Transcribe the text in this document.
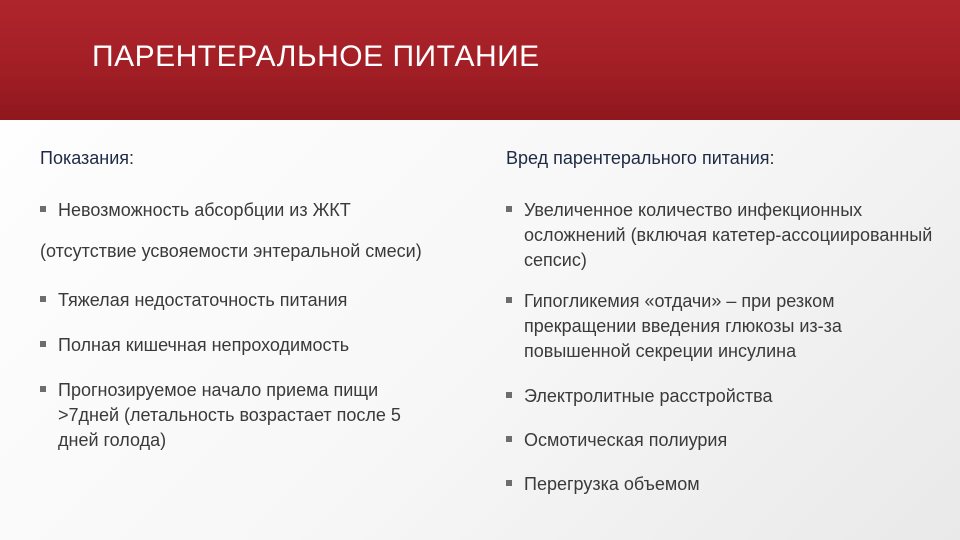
ПАРЕНТЕРАЛЬНОЕ ПИТАНИЕ
Показания:
Невозможность абсорбции из ЖКТ
(отсутствие усвояемости энтеральной смеси)
Тяжелая недостаточность питания
Полная кишечная непроходимость
Прогнозируемое начало приема пищи >7дней (летальность возрастает после 5 дней голода)
Вред парентерального питания:
Увеличенное количество инфекционных осложнений (включая катетер-ассоциированный сепсис)
Гипогликемия «отдачи» – при резком прекращении введения глюкозы из-за повышенной секреции инсулина
Электролитные расстройства
Осмотическая полиурия
Перегрузка объемом
